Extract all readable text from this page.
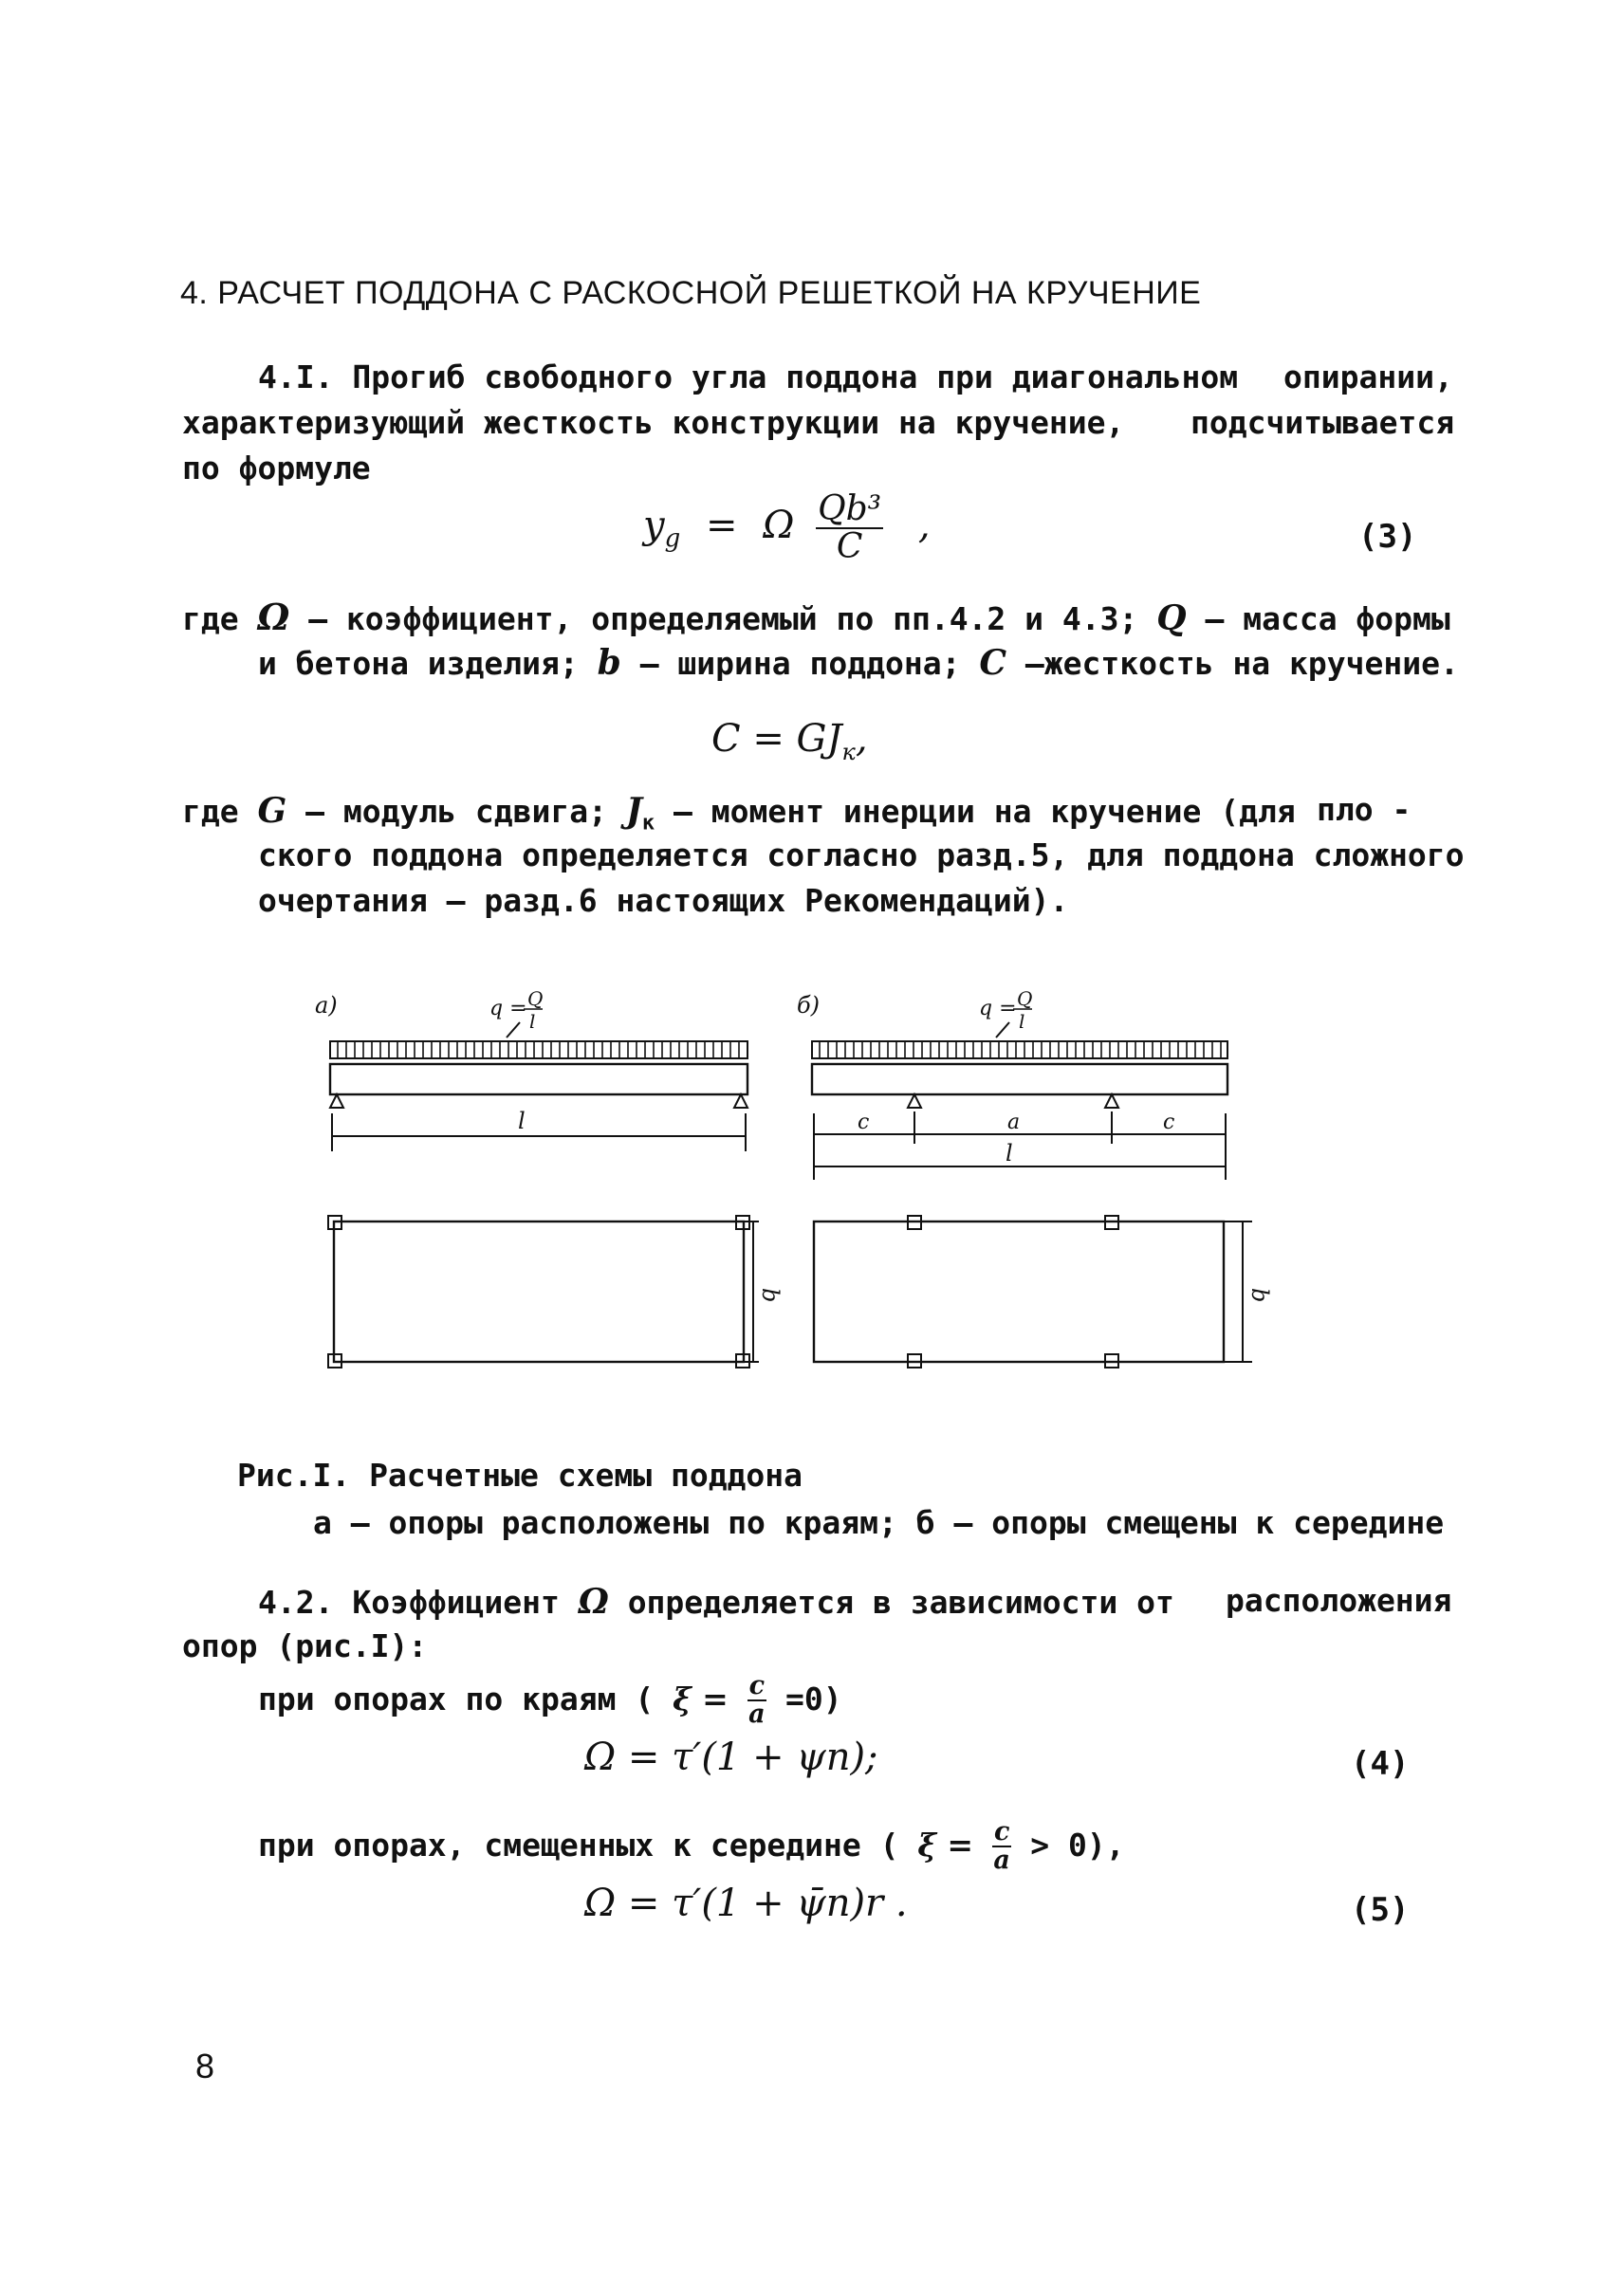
4. РАСЧЕТ ПОДДОНА С РАСКОСНОЙ РЕШЕТКОЙ НА КРУЧЕНИЕ
4.I. Прогиб свободного угла поддона при диагональном опирании,
характеризующий жесткость конструкции на кручение, подсчитывается
по формуле
$y_g = \Omega \frac{\text{Qb³}}{C}$ ,	(3)
где Ω – коэффициент, определяемый по пп.4.2 и 4.3; Q – масса формы
и бетона изделия; b – ширина поддона; C –жесткость на кручение.
$C = GJ_к$,
где G – модуль сдвига; $J_к$ – момент инерции на кручение (для пло -
ского поддона определяется согласно разд.5, для поддона сложного
очертания – разд.6 настоящих Рекомендаций).
а)	q = Q
l
l
b
б)	q = Q
l
c	a	c
l
b
Рис.I. Расчетные схемы поддона
а – опоры расположены по краям; б – опоры смещены к середине
4.2. Коэффициент Ω определяется в зависимости от расположения
опор (рис.I):
при опорах по краям ( $\xi = \frac{c}{a} =0$)
Ω = τ′(1 + ψn);	(4)
при опорах, смещенных к середине ( $\xi = \frac{c}{a} > 0$),
Ω = τ′(1 + ψ̄n)r .	(5)
8
